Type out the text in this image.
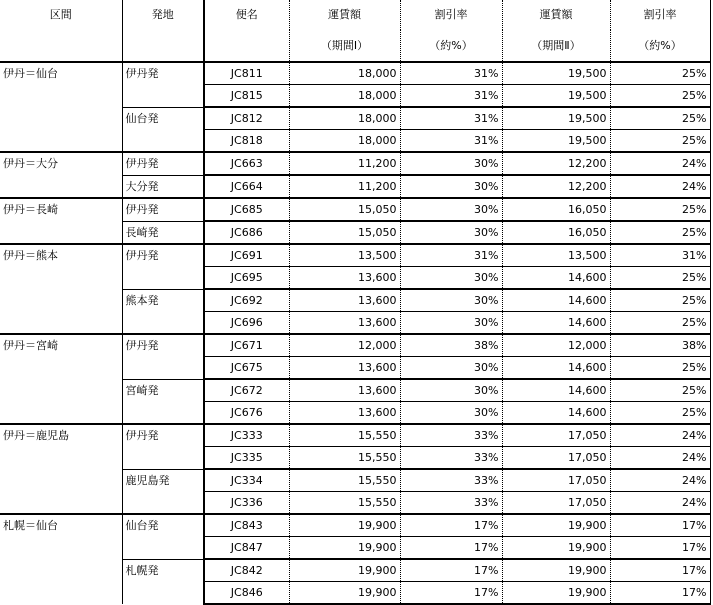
区間	発地	便名	運賃額	割引率	運賃額	割引率
			（期間Ⅰ）	（約%）	（期間Ⅱ）	（約%）
伊丹＝仙台	伊丹発	JC811	18,000	31%	19,500	25%
		JC815	18,000	31%	19,500	25%
	仙台発	JC812	18,000	31%	19,500	25%
		JC818	18,000	31%	19,500	25%
伊丹＝大分	伊丹発	JC663	11,200	30%	12,200	24%
	大分発	JC664	11,200	30%	12,200	24%
伊丹＝長崎	伊丹発	JC685	15,050	30%	16,050	25%
	長崎発	JC686	15,050	30%	16,050	25%
伊丹＝熊本	伊丹発	JC691	13,500	31%	13,500	31%
		JC695	13,600	30%	14,600	25%
	熊本発	JC692	13,600	30%	14,600	25%
		JC696	13,600	30%	14,600	25%
伊丹＝宮崎	伊丹発	JC671	12,000	38%	12,000	38%
		JC675	13,600	30%	14,600	25%
	宮崎発	JC672	13,600	30%	14,600	25%
		JC676	13,600	30%	14,600	25%
伊丹＝鹿児島	伊丹発	JC333	15,550	33%	17,050	24%
		JC335	15,550	33%	17,050	24%
	鹿児島発	JC334	15,550	33%	17,050	24%
		JC336	15,550	33%	17,050	24%
札幌＝仙台	仙台発	JC843	19,900	17%	19,900	17%
		JC847	19,900	17%	19,900	17%
	札幌発	JC842	19,900	17%	19,900	17%
		JC846	19,900	17%	19,900	17%
